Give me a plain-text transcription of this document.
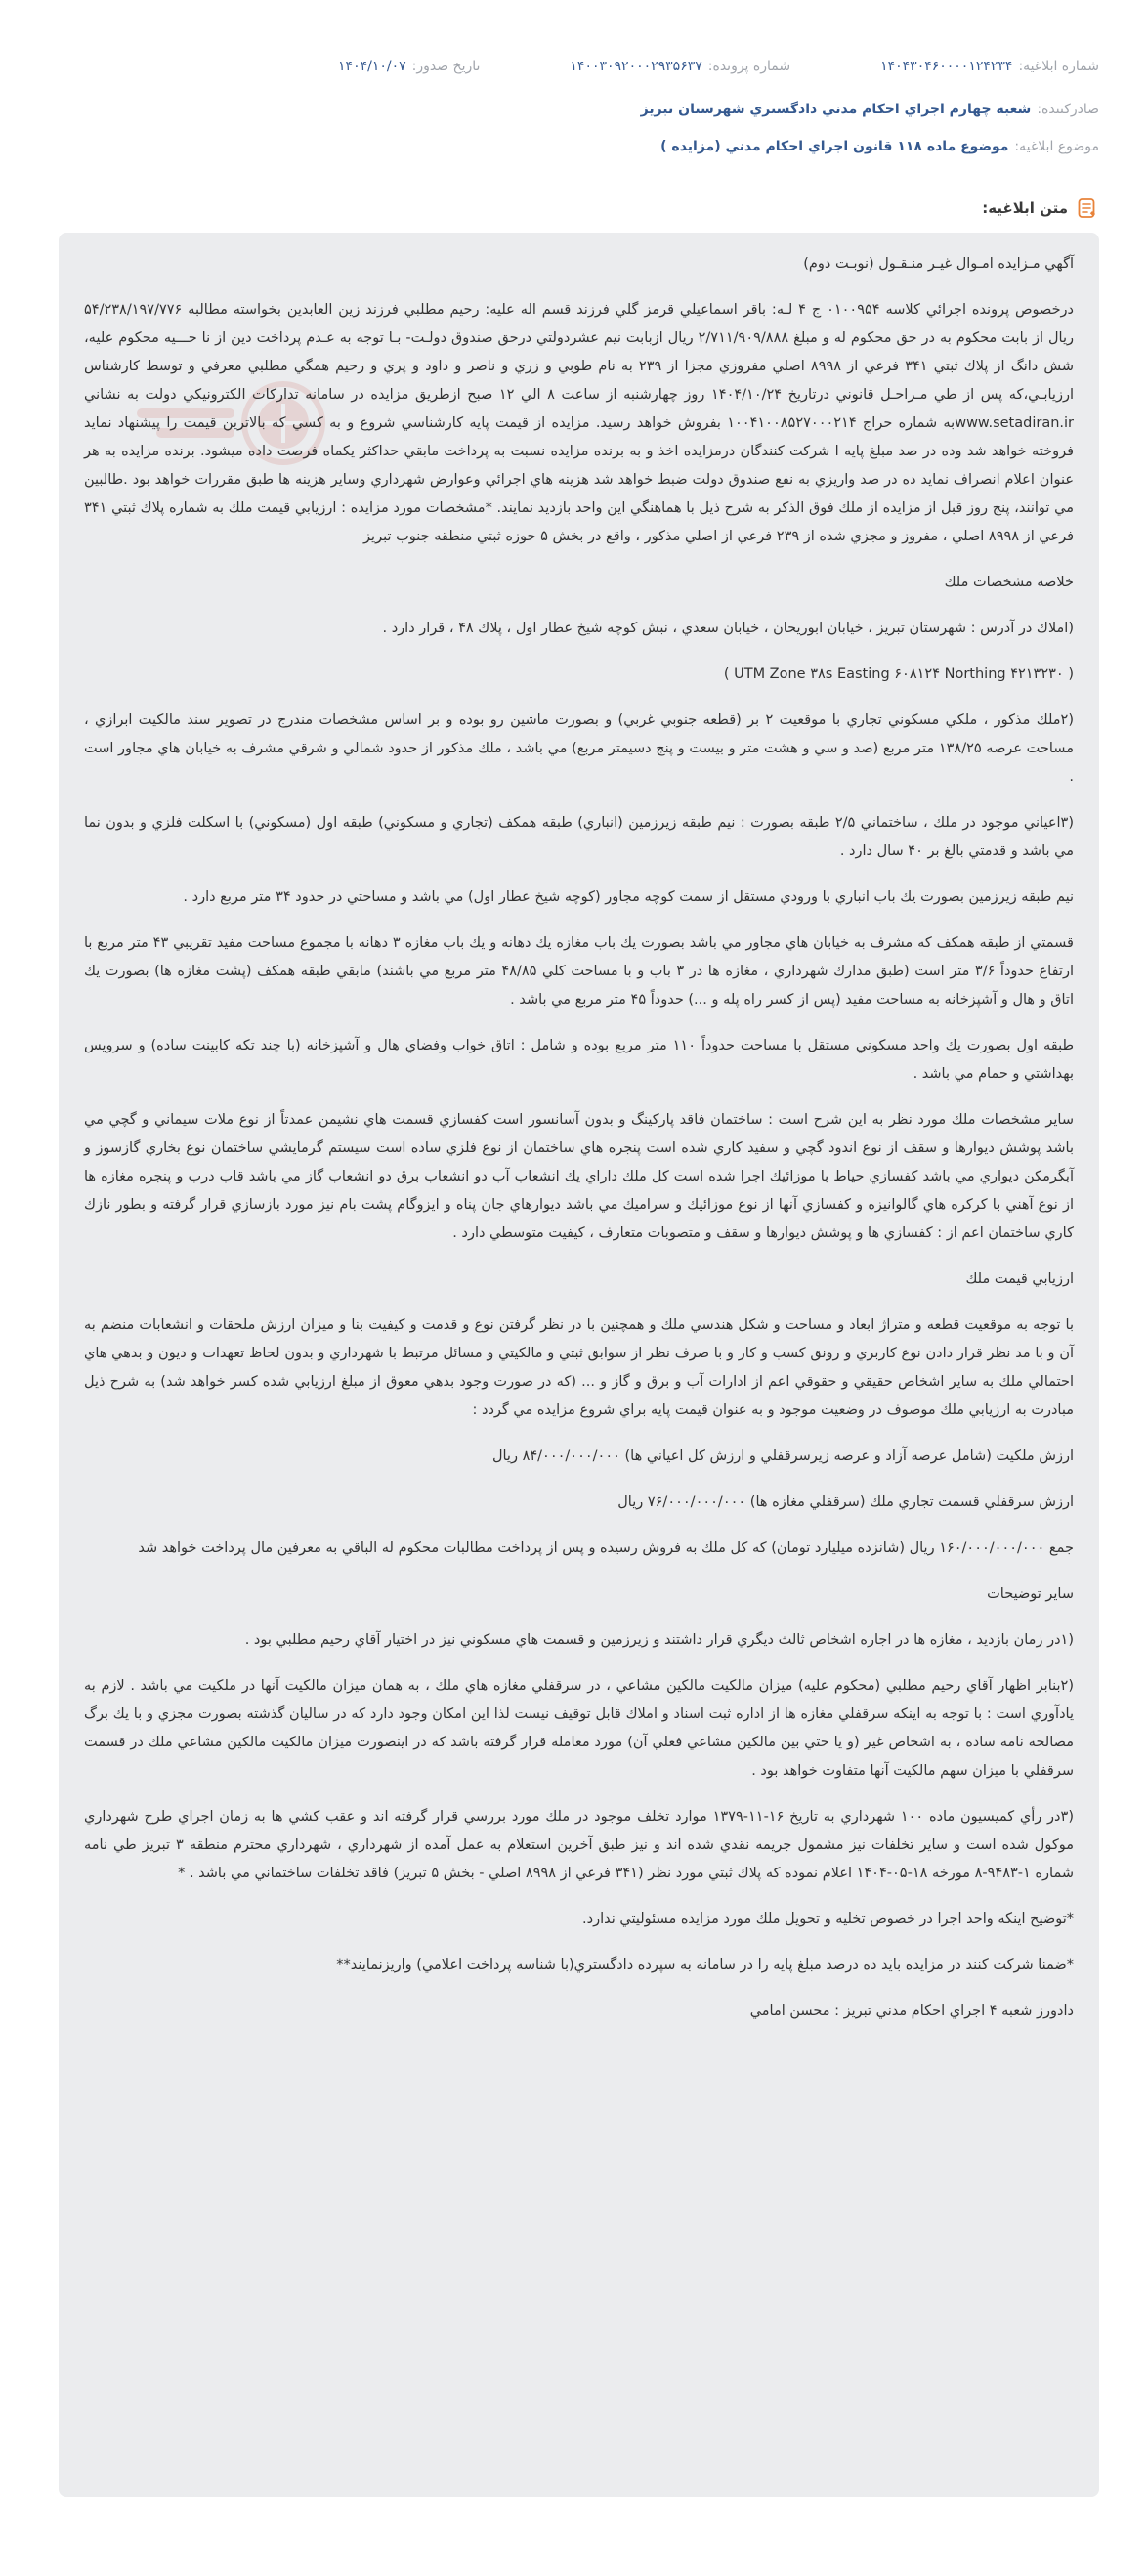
شماره ابلاغیه:
۱۴۰۴۳۰۴۶۰۰۰۰۱۲۴۲۳۴
شماره پرونده:
۱۴۰۰۳۰۹۲۰۰۰۲۹۳۵۶۳۷
تاریخ صدور:
۱۴۰۴/۱۰/۰۷
صادرکننده:
شعبه چهارم اجراي احكام مدني دادگستري شهرستان تبريز
موضوع ابلاغیه:
موضوع ماده ۱۱۸ قانون اجراي احكام مدني (مزايده )
متن ابلاغیه:

آگهي مـزايده امـوال غيـر منـقـول (نوبـت دوم)

درخصوص پرونده اجرائي كلاسه ۰۱۰۰۹۵۴ ج ۴ لـه: باقر اسماعيلي قرمز گلي فرزند قسم اله عليه: رحيم مطلبي فرزند زين العابدين بخواسته مطالبه ۵۴/۲۳۸/۱۹۷/۷۷۶ ريال از بابت محكوم به در حق محكوم له و مبلغ ۲/۷۱۱/۹۰۹/۸۸۸ ريال ازبابت نيم عشردولتي درحق صندوق دولـت- بـا توجه به عـدم پرداخت دين از نا حـــيه محكوم عليه، شش دانگ از پلاك ثبتي ۳۴۱ فرعي از ۸۹۹۸ اصلي مفروزي مجزا از ۲۳۹ به نام طوبي و زري و ناصر و داود و پري و رحيم همگي مطلبي معرفي و توسط كارشناس ارزيابـي،كه پس از طي مـراحـل قانوني درتاريخ ۱۴۰۴/۱۰/۲۴ روز چهارشنبه از ساعت ۸ الي ۱۲ صبح ازطريق مزايده در سامانه تداركات الكترونيكي دولت به نشاني www.setadiran.irبه شماره حراج ۱۰۰۴۱۰۰۸۵۲۷۰۰۰۲۱۴ بفروش خواهد رسيد. مزايده از قيمت پايه كارشناسي شروع و به كسي كه بالاترين قيمت را پيشنهاد نمايد فروخته خواهد شد وده در صد مبلغ پايه ا شركت كنندگان درمزايده اخذ و به برنده مزايده نسبت به پرداخت مابقي حداكثر يكماه فرصت داده ميشود. برنده مزايده به هر عنوان اعلام انصراف نمايد ده در صد واريزي به نفع صندوق دولت ضبط خواهد شد هزينه هاي اجرائي وعوارض شهرداري وساير هزينه ها طبق مقررات خواهد بود .طالبين مي توانند، پنج روز قبل از مزايده از ملك فوق الذكر به شرح ذيل با هماهنگي اين واحد بازديد نمايند. *مشخصات مورد مزايده : ارزيابي قيمت ملك به شماره پلاك ثبتي ۳۴۱ فرعي از ۸۹۹۸ اصلي ، مفروز و مجزي شده از ۲۳۹ فرعي از اصلي مذكور ، واقع در بخش ۵ حوزه ثبتي منطقه جنوب تبريز

خلاصه مشخصات ملك

(املاك در آدرس : شهرستان تبريز ، خيابان ابوريحان ، خيابان سعدي ، نبش كوچه شيخ عطار اول ، پلاك ۴۸ ، قرار دارد .

( UTM Zone ۳۸s Easting ۶۰۸۱۲۴ Northing ۴۲۱۳۲۳۰ )

(۲ملك مذكور ، ملكي مسكوني تجاري با موقعيت ۲ بر (قطعه جنوبي غربي) و بصورت ماشين رو بوده و بر اساس مشخصات مندرج در تصوير سند مالكيت ابرازي ، مساحت عرصه ۱۳۸/۲۵ متر مربع (صد و سي و هشت متر و بيست و پنج دسيمتر مربع) مي باشد ، ملك مذكور از حدود شمالي و شرقي مشرف به خيابان هاي مجاور است .

(۳اعياني موجود در ملك ، ساختماني ۲/۵ طبقه بصورت : نيم طبقه زيرزمين (انباري) طبقه همكف (تجاري و مسكوني) طبقه اول (مسكوني) با اسكلت فلزي و بدون نما مي باشد و قدمتي بالغ بر ۴۰ سال دارد .

نيم طبقه زيرزمين بصورت يك باب انباري با ورودي مستقل از سمت كوچه مجاور (كوچه شيخ عطار اول) مي باشد و مساحتي در حدود ۳۴ متر مربع دارد .

قسمتي از طبقه همكف كه مشرف به خيابان هاي مجاور مي باشد بصورت يك باب مغازه يك دهانه و يك باب مغازه ۳ دهانه با مجموع مساحت مفيد تقريبي ۴۳ متر مربع با ارتفاع حدوداً ۳/۶ متر است (طبق مدارك شهرداري ، مغازه ها در ۳ باب و با مساحت كلي ۴۸/۸۵ متر مربع مي باشند) مابقي طبقه همكف (پشت مغازه ها) بصورت يك اتاق و هال و آشپزخانه به مساحت مفيد (پس از كسر راه پله و ...) حدوداً ۴۵ متر مربع مي باشد .

طبقه اول بصورت يك واحد مسكوني مستقل با مساحت حدوداً ۱۱۰ متر مربع بوده و شامل : اتاق خواب وفضاي هال و آشپزخانه (با چند تكه كابينت ساده) و سرويس بهداشتي و حمام مي باشد .

ساير مشخصات ملك مورد نظر به اين شرح است : ساختمان فاقد پاركينگ و بدون آسانسور است كفسازي قسمت هاي نشيمن عمدتاً از نوع ملات سيماني و گچي مي باشد پوشش ديوارها و سقف از نوع اندود گچي و سفيد كاري شده است پنجره هاي ساختمان از نوع فلزي ساده است سيستم گرمايشي ساختمان نوع بخاري گازسوز و آبگرمكن ديواري مي باشد كفسازي حياط با موزائيك اجرا شده است كل ملك داراي يك انشعاب آب دو انشعاب برق دو انشعاب گاز مي باشد قاب درب و پنجره مغازه ها از نوع آهني با كركره هاي گالوانيزه و كفسازي آنها از نوع موزائيك و سراميك مي باشد ديوارهاي جان پناه و ايزوگام پشت بام نيز مورد بازسازي قرار گرفته و بطور نازك كاري ساختمان اعم از : كفسازي ها و پوشش ديوارها و سقف و متصوبات متعارف ، كيفيت متوسطي دارد .

ارزيابي قيمت ملك

با توجه به موقعيت قطعه و متراژ ابعاد و مساحت و شكل هندسي ملك و همچنين با در نظر گرفتن نوع و قدمت و كيفيت بنا و ميزان ارزش ملحقات و انشعابات منضم به آن و با مد نظر قرار دادن نوع كاربري و رونق كسب و كار و با صرف نظر از سوابق ثبتي و مالكيتي و مسائل مرتبط با شهرداري و بدون لحاظ تعهدات و ديون و بدهي هاي احتمالي ملك به ساير اشخاص حقيقي و حقوقي اعم از ادارات آب و برق و گاز و ... (كه در صورت وجود بدهي معوق از مبلغ ارزيابي شده كسر خواهد شد) به شرح ذيل مبادرت به ارزيابي ملك موصوف در وضعيت موجود و به عنوان قيمت پايه براي شروع مزايده مي گردد :

ارزش ملكيت (شامل عرصه آزاد و عرصه زيرسرقفلي و ارزش كل اعياني ها) ۸۴/۰۰۰/۰۰۰/۰۰۰ ريال

ارزش سرقفلي قسمت تجاري ملك (سرقفلي مغازه ها) ۷۶/۰۰۰/۰۰۰/۰۰۰ ريال

جمع ۱۶۰/۰۰۰/۰۰۰/۰۰۰ ريال (شانزده ميليارد تومان) كه كل ملك به فروش رسيده و پس از پرداخت مطالبات محكوم له الباقي به معرفين مال پرداخت خواهد شد

ساير توضيحات

(۱در زمان بازديد ، مغازه ها در اجاره اشخاص ثالث ديگري قرار داشتند و زيرزمين و قسمت هاي مسكوني نيز در اختيار آقاي رحيم مطلبي بود .

(۲بنابر اظهار آقاي رحيم مطلبي (محكوم عليه) ميزان مالكيت مالكين مشاعي ، در سرقفلي مغازه هاي ملك ، به همان ميزان مالكيت آنها در ملكيت مي باشد . لازم به يادآوري است : با توجه به اينكه سرقفلي مغازه ها از اداره ثبت اسناد و املاك قابل توقيف نيست لذا اين امكان وجود دارد كه در ساليان گذشته بصورت مجزي و با يك برگ مصالحه نامه ساده ، به اشخاص غير (و يا حتي بين مالكين مشاعي فعلي آن) مورد معامله قرار گرفته باشد كه در اينصورت ميزان مالكيت مالكين مشاعي ملك در قسمت سرقفلي با ميزان سهم مالكيت آنها متفاوت خواهد بود .

(۳در رأي كميسيون ماده ۱۰۰ شهرداري به تاريخ ۱۶-۱۱-۱۳۷۹ موارد تخلف موجود در ملك مورد بررسي قرار گرفته اند و عقب كشي ها به زمان اجراي طرح شهرداري موكول شده است و ساير تخلفات نيز مشمول جريمه نقدي شده اند و نيز طبق آخرين استعلام به عمل آمده از شهرداري ، شهرداري محترم منطقه ۳ تبريز طي نامه شماره ۱-۹۴۸۳-۸ مورخه ۱۸-۰۵-۱۴۰۴ اعلام نموده كه پلاك ثبتي مورد نظر (۳۴۱ فرعي از ۸۹۹۸ اصلي - بخش ۵ تبريز) فاقد تخلفات ساختماني مي باشد . *

*توضيح اينكه واحد اجرا در خصوص تخليه و تحويل ملك مورد مزايده مسئوليتي ندارد.

*ضمنا شركت كنند در مزايده بايد ده درصد مبلغ پايه را در سامانه به سپرده دادگستري(با شناسه پرداخت اعلامي) واريزنمايند**

دادورز شعبه ۴ اجراي احكام مدني تبريز : محسن امامي
